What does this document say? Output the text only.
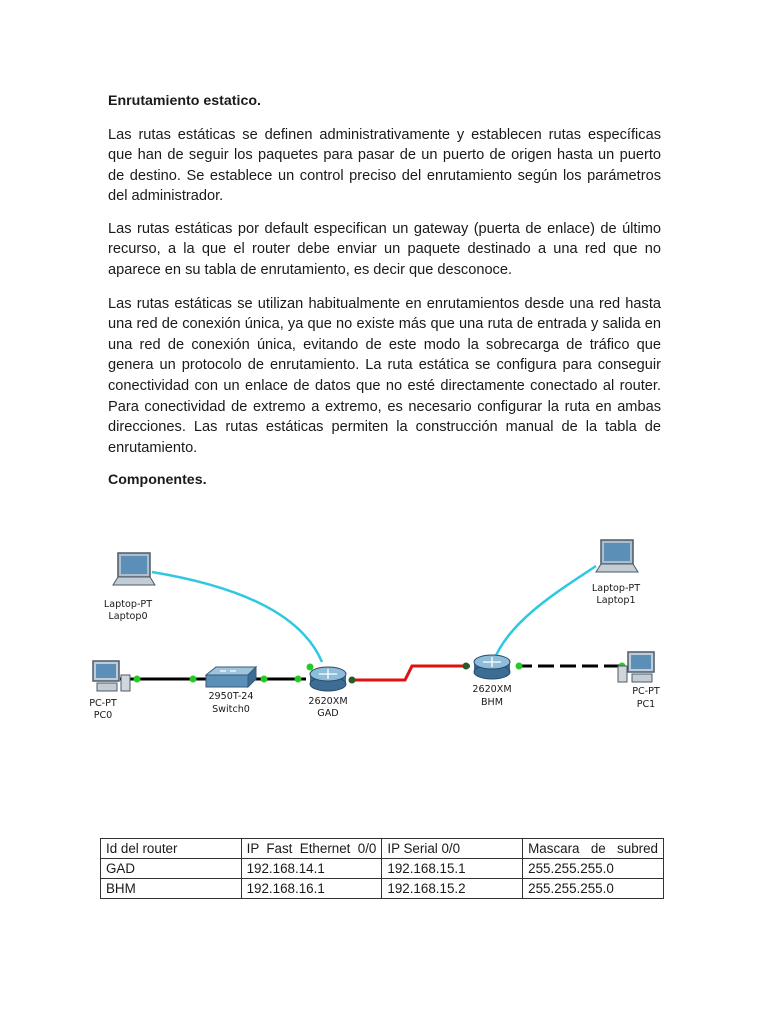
Enrutamiento estatico.

Las rutas estáticas se definen administrativamente y establecen rutas específicas que han de seguir los paquetes para pasar de un puerto de origen hasta un puerto de destino. Se establece un control preciso del enrutamiento según los parámetros del administrador.

Las rutas estáticas por default especifican un gateway (puerta de enlace) de último recurso, a la que el router debe enviar un paquete destinado a una red que no aparece en su tabla de enrutamiento, es decir que desconoce.

Las rutas estáticas se utilizan habitualmente en enrutamientos desde una red hasta una red de conexión única, ya que no existe más que una ruta de entrada y salida en una red de conexión única, evitando de este modo la sobrecarga de tráfico que genera un protocolo de enrutamiento. La ruta estática se configura para conseguir conectividad con un enlace de datos que no esté directamente conectado al router. Para conectividad de extremo a extremo, es necesario configurar la ruta en ambas direcciones. Las rutas estáticas permiten la construcción manual de la tabla de enrutamiento.

Componentes.
Laptop-PT
Laptop0
Laptop-PT
Laptop1
PC-PT
PC0
PC-PT
PC1
2950T-24
Switch0
2620XM
GAD
2620XM
BHM
Id del router	IP Fast Ethernet 0/0	IP Serial 0/0	Mascara de subred

GAD	192.168.14.1	192.168.15.1	255.255.255.0
BHM	192.168.16.1	192.168.15.2	255.255.255.0
